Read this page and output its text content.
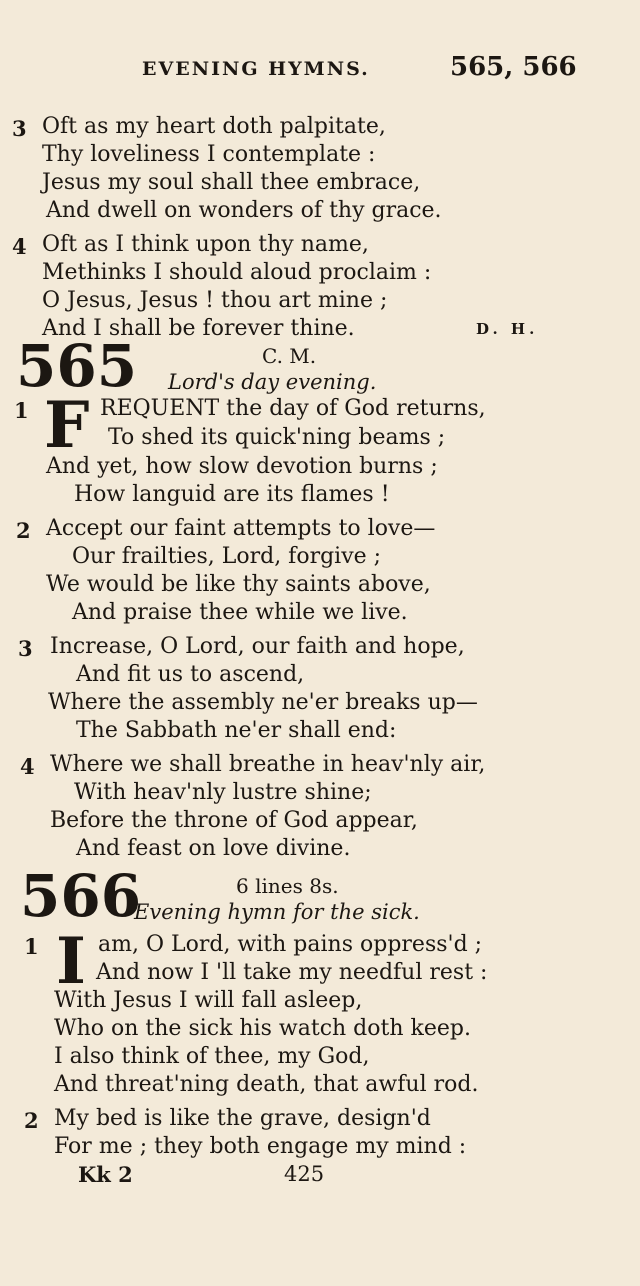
EVENING HYMNS.	565, 566
3 Oft as my heart doth palpitate,
Thy loveliness I contemplate :
Jesus my soul shall thee embrace,
And dwell on wonders of thy grace.
4 Oft as I think upon thy name,
Methinks I should aloud proclaim :
O Jesus, Jesus ! thou art mine ;
And I shall be forever thine.	D. H.
565	C. M.
Lord's day evening.
1 F REQUENT the day of God returns,
To shed its quick'ning beams ;
And yet, how slow devotion burns ;
How languid are its flames !
2 Accept our faint attempts to love—
Our frailties, Lord, forgive ;
We would be like thy saints above,
And praise thee while we live.
3 Increase, O Lord, our faith and hope,
And fit us to ascend,
Where the assembly ne'er breaks up—
The Sabbath ne'er shall end:
4 Where we shall breathe in heav'nly air,
With heav'nly lustre shine;
Before the throne of God appear,
And feast on love divine.
566	6 lines 8s.
Evening hymn for the sick.
1 I am, O Lord, with pains oppress'd ;
And now I 'll take my needful rest :
With Jesus I will fall asleep,
Who on the sick his watch doth keep.
I also think of thee, my God,
And threat'ning death, that awful rod.
2 My bed is like the grave, design'd
For me ; they both engage my mind :
Kk 2	425
